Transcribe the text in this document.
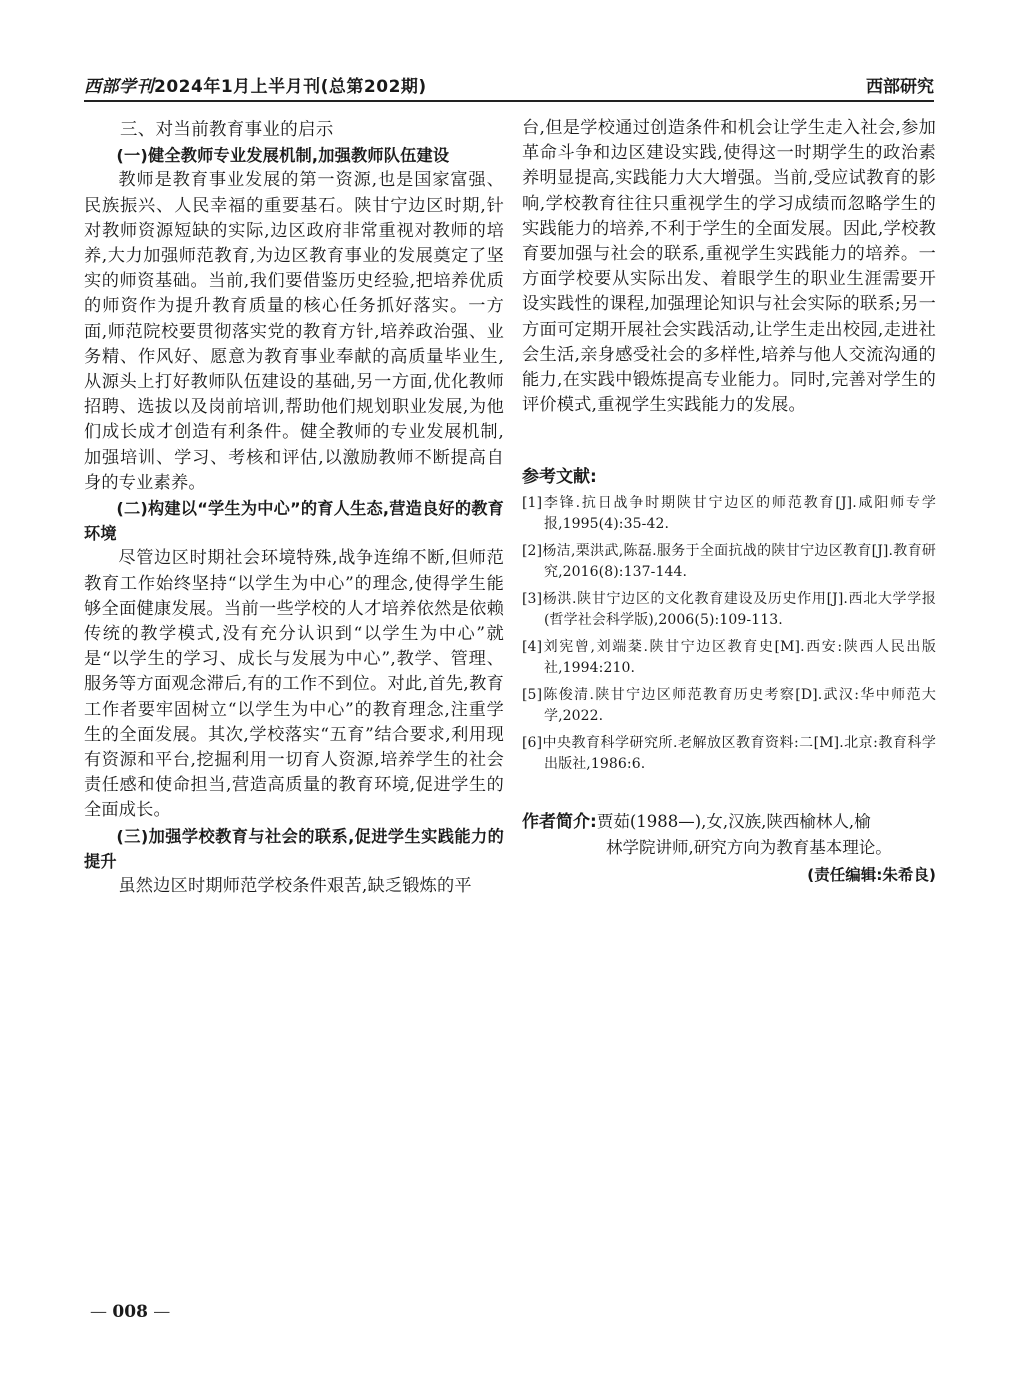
西部学刊2024年1月上半月刊(总第202期)	西部研究
三、对当前教育事业的启示

(一)健全教师专业发展机制,加强教师队伍建设

教师是教育事业发展的第一资源,也是国家富强、民族振兴、人民幸福的重要基石。陕甘宁边区时期,针对教师资源短缺的实际,边区政府非常重视对教师的培养,大力加强师范教育,为边区教育事业的发展奠定了坚实的师资基础。当前,我们要借鉴历史经验,把培养优质的师资作为提升教育质量的核心任务抓好落实。一方面,师范院校要贯彻落实党的教育方针,培养政治强、业务精、作风好、愿意为教育事业奉献的高质量毕业生,从源头上打好教师队伍建设的基础,另一方面,优化教师招聘、选拔以及岗前培训,帮助他们规划职业发展,为他们成长成才创造有利条件。健全教师的专业发展机制,加强培训、学习、考核和评估,以激励教师不断提高自身的专业素养。

(二)构建以“学生为中心”的育人生态,营造良好的教育环境

尽管边区时期社会环境特殊,战争连绵不断,但师范教育工作始终坚持“以学生为中心”的理念,使得学生能够全面健康发展。当前一些学校的人才培养依然是依赖传统的教学模式,没有充分认识到“以学生为中心”就是“以学生的学习、成长与发展为中心”,教学、管理、服务等方面观念滞后,有的工作不到位。对此,首先,教育工作者要牢固树立“以学生为中心”的教育理念,注重学生的全面发展。其次,学校落实“五育”结合要求,利用现有资源和平台,挖掘利用一切育人资源,培养学生的社会责任感和使命担当,营造高质量的教育环境,促进学生的全面成长。

(三)加强学校教育与社会的联系,促进学生实践能力的提升

虽然边区时期师范学校条件艰苦,缺乏锻炼的平

台,但是学校通过创造条件和机会让学生走入社会,参加革命斗争和边区建设实践,使得这一时期学生的政治素养明显提高,实践能力大大增强。当前,受应试教育的影响,学校教育往往只重视学生的学习成绩而忽略学生的实践能力的培养,不利于学生的全面发展。因此,学校教育要加强与社会的联系,重视学生实践能力的培养。一方面学校要从实际出发、着眼学生的职业生涯需要开设实践性的课程,加强理论知识与社会实际的联系;另一方面可定期开展社会实践活动,让学生走出校园,走进社会生活,亲身感受社会的多样性,培养与他人交流沟通的能力,在实践中锻炼提高专业能力。同时,完善对学生的评价模式,重视学生实践能力的发展。

参考文献:

[1]李锋.抗日战争时期陕甘宁边区的师范教育[J].咸阳师专学报,1995(4):35-42.

[2]杨洁,栗洪武,陈磊.服务于全面抗战的陕甘宁边区教育[J].教育研究,2016(8):137-144.

[3]杨洪.陕甘宁边区的文化教育建设及历史作用[J].西北大学学报(哲学社会科学版),2006(5):109-113.

[4]刘宪曾,刘端棻.陕甘宁边区教育史[M].西安:陕西人民出版社,1994:210.

[5]陈俊清.陕甘宁边区师范教育历史考察[D].武汉:华中师范大学,2022.

[6]中央教育科学研究所.老解放区教育资料:二[M].北京:教育科学出版社,1986:6.

作者简介:贾茹(1988—),女,汉族,陕西榆林人,榆
林学院讲师,研究方向为教育基本理论。
(责任编辑:朱希良)
— 008 —
